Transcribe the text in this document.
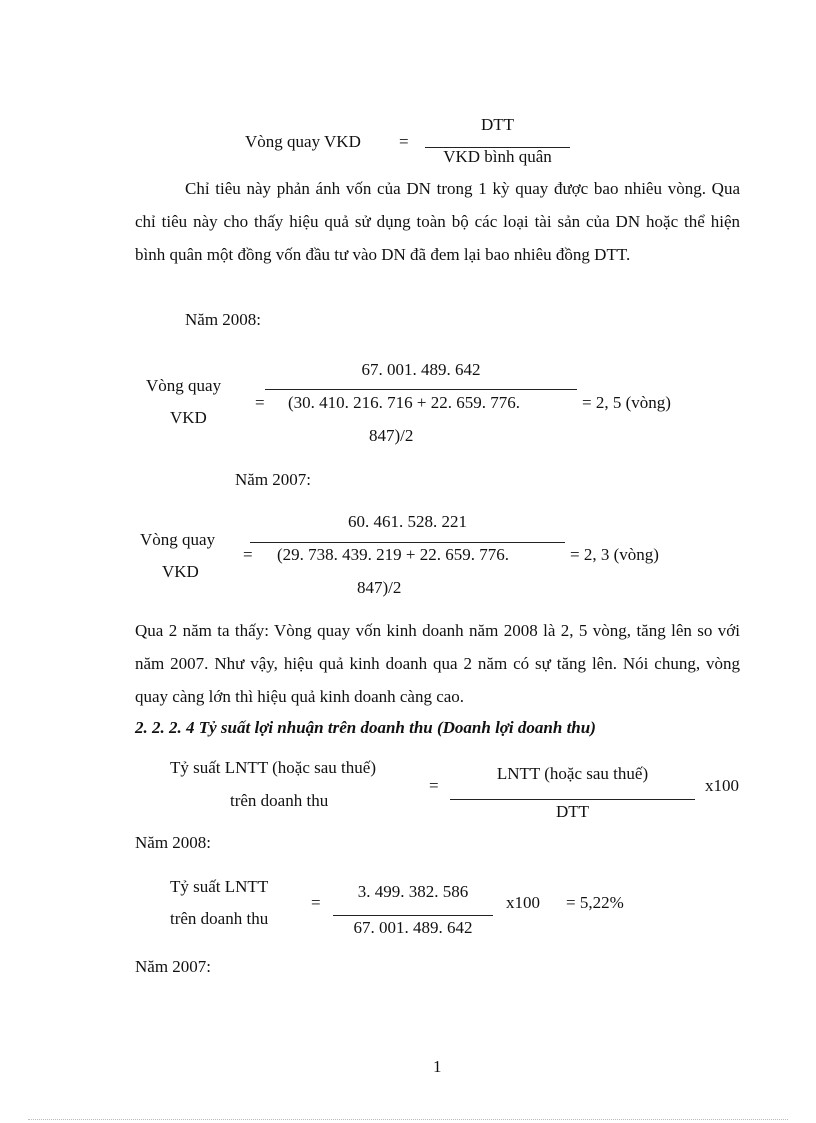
Vòng quay VKD =
DTT
VKD bình quân
Chỉ tiêu này phản ánh vốn của DN trong 1 kỳ quay được bao nhiêu vòng. Qua chỉ tiêu này cho thấy hiệu quả sử dụng toàn bộ các loại tài sản của DN hoặc thể hiện bình quân một đồng vốn đầu tư vào DN đã đem lại bao nhiêu đồng DTT.
Năm 2008:
Vòng quay
VKD
=
67. 001. 489. 642
(30. 410. 216. 716 + 22. 659. 776.
847)/2
= 2, 5 (vòng)
Năm 2007:
Vòng quay
VKD
=
60. 461. 528. 221
(29. 738. 439. 219 + 22. 659. 776.
847)/2
= 2, 3 (vòng)
Qua 2 năm ta thấy: Vòng quay vốn kinh doanh năm 2008 là 2, 5 vòng, tăng lên so với năm 2007. Như vậy, hiệu quả kinh doanh qua 2 năm có sự tăng lên. Nói chung, vòng quay càng lớn thì hiệu quả kinh doanh càng cao.
2. 2. 2. 4 Tỷ suất lợi nhuận trên doanh thu (Doanh lợi doanh thu)
Tỷ suất LNTT (hoặc sau thuế)
trên doanh thu
=
LNTT (hoặc sau thuế)
DTT
x100
Năm 2008:
Tỷ suất LNTT
trên doanh thu
=
3. 499. 382. 586
67. 001. 489. 642
x100 = 5,22%
Năm 2007:
1
